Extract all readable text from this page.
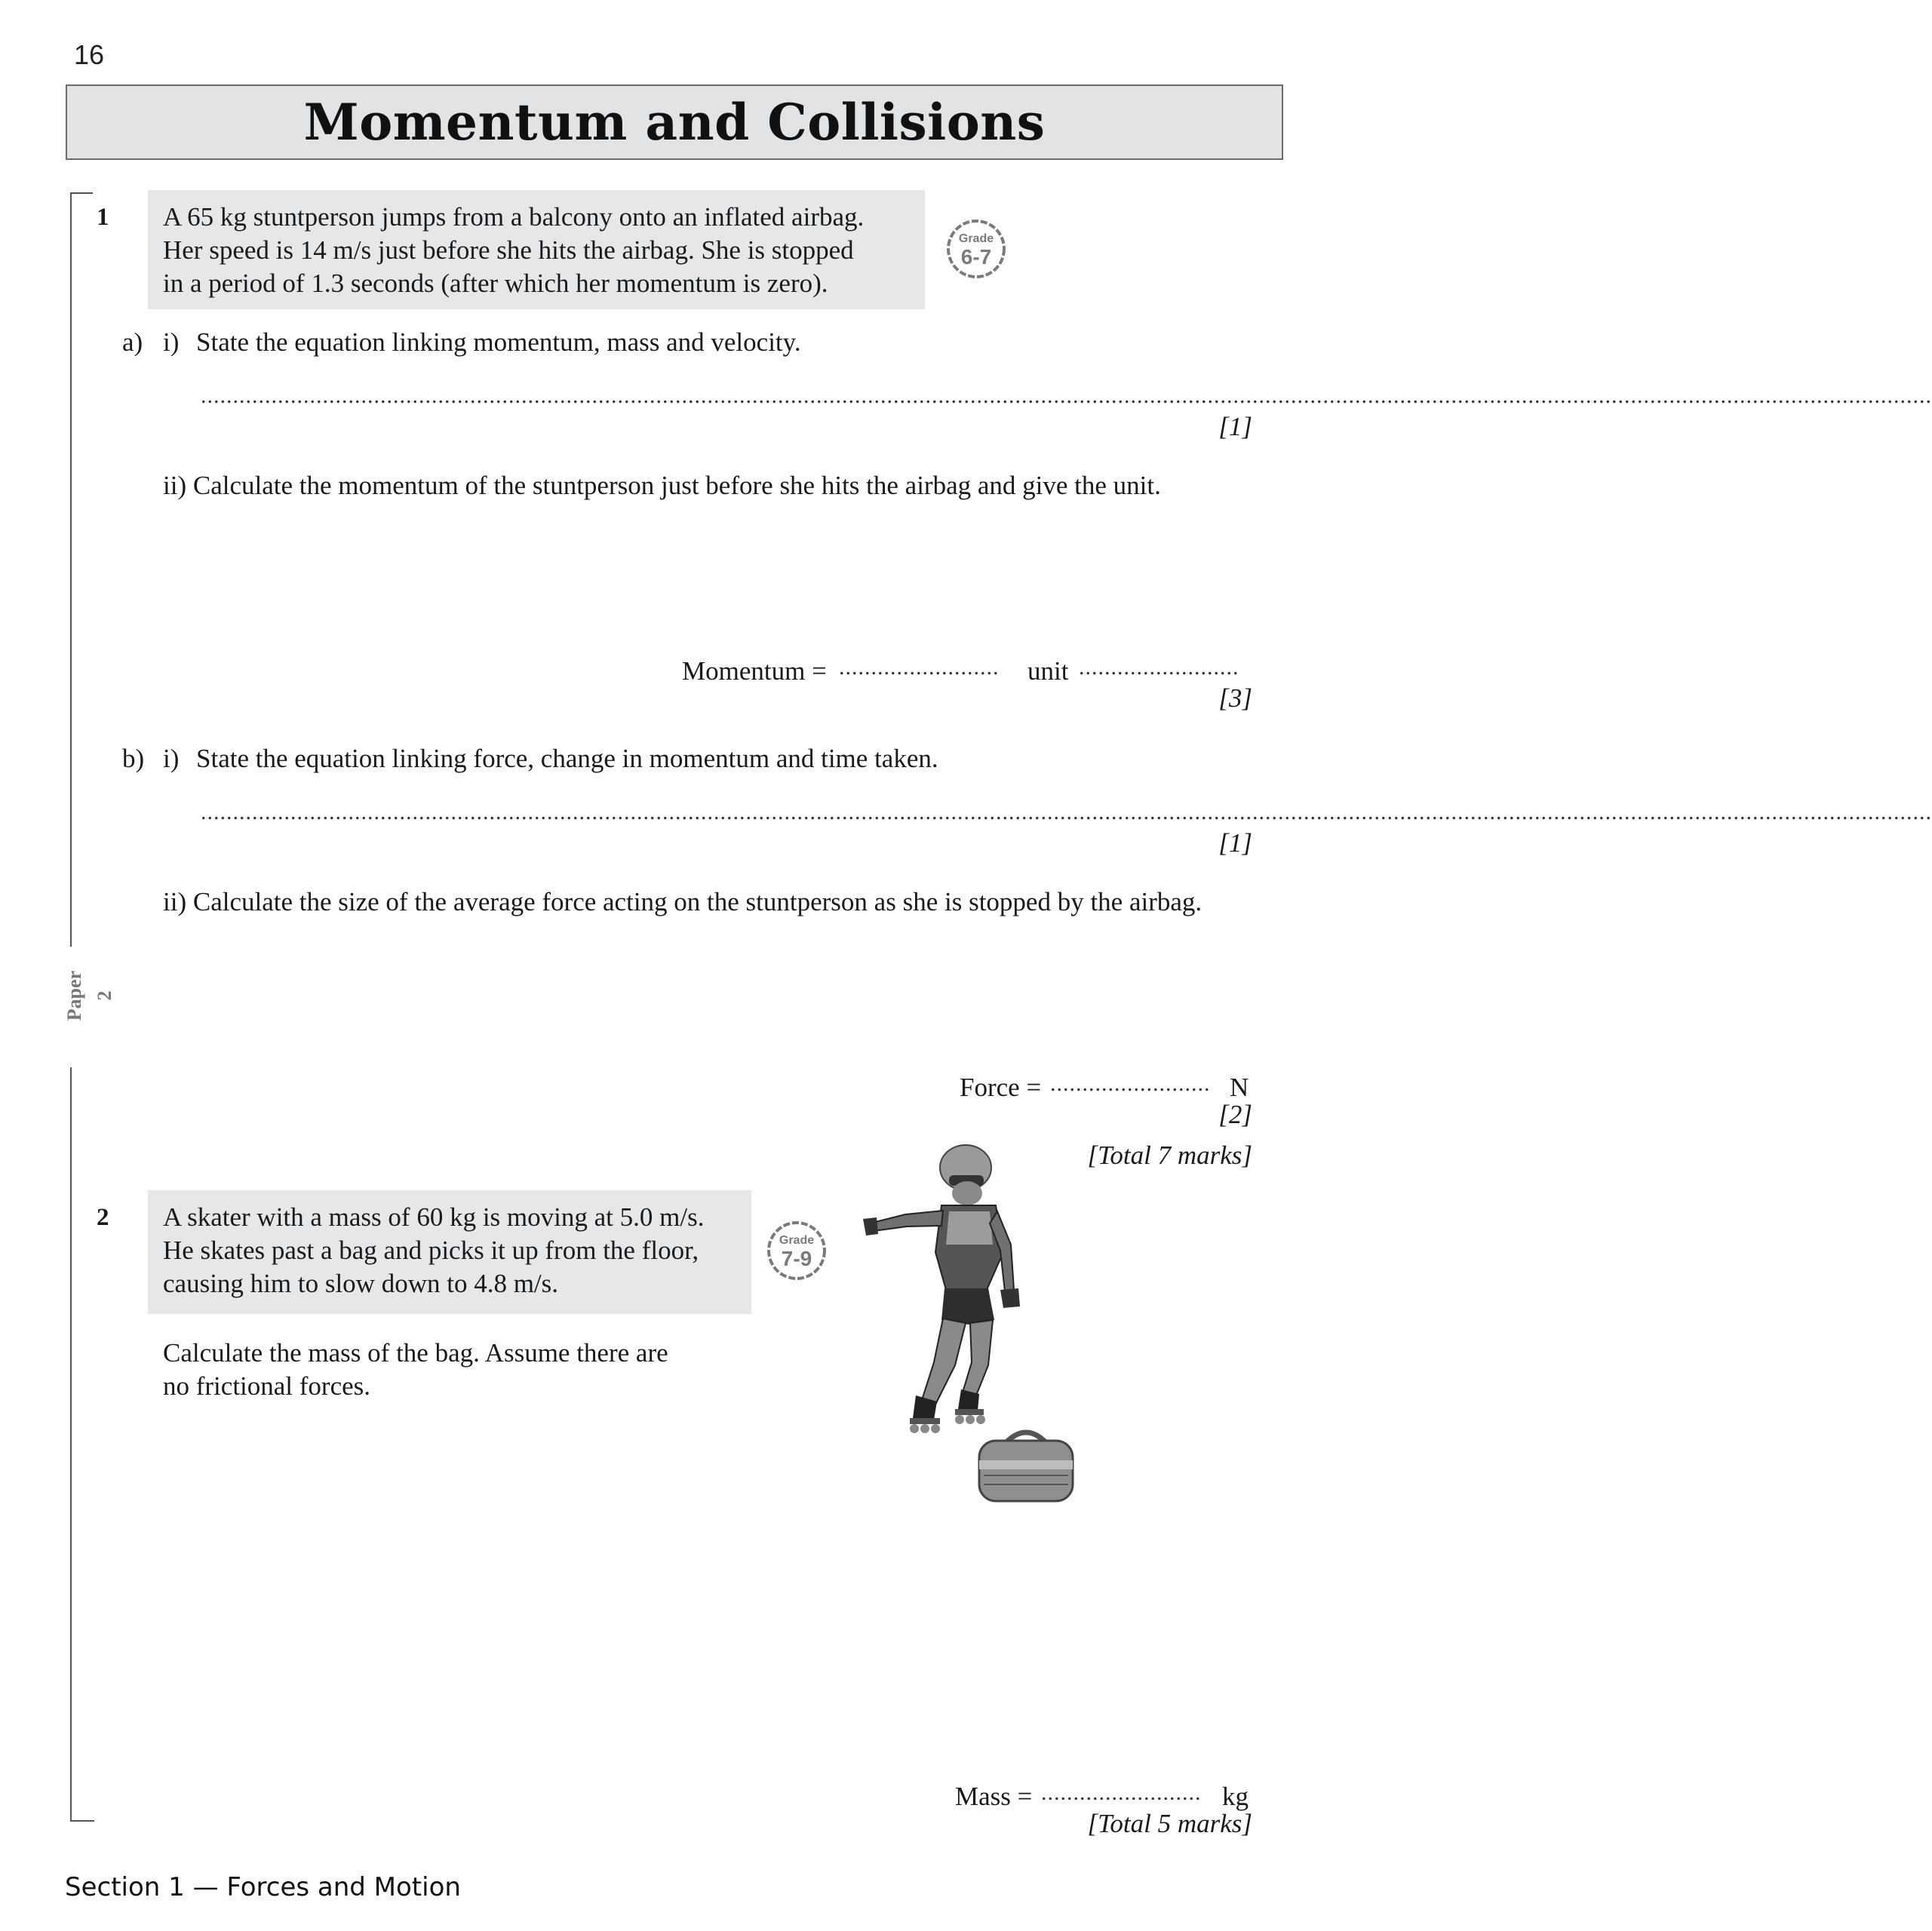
16
Momentum and Collisions
Paper 2
1 A 65 kg stuntperson jumps from a balcony onto an inflated airbag.
Her speed is 14 m/s just before she hits the airbag. She is stopped
in a period of 1.3 seconds (after which her momentum is zero).
Grade
6-7
a) i) State the equation linking momentum, mass and velocity.
..............................................................................................................................................................................................................................................................................
[1]
ii) Calculate the momentum of the stuntperson just before she hits the airbag and give the unit.
Momentum = .........................	unit .........................
[3]
b) i) State the equation linking force, change in momentum and time taken.
..............................................................................................................................................................................................................................................................................
[1]
ii) Calculate the size of the average force acting on the stuntperson as she is stopped by the airbag.
Force = ......................... N
[2]
[Total 7 marks]
2 A skater with a mass of 60 kg is moving at 5.0 m/s.
He skates past a bag and picks it up from the floor,
causing him to slow down to 4.8 m/s.
Grade
7-9
Calculate the mass of the bag. Assume there are
no frictional forces.
Mass = ......................... kg
[Total 5 marks]
Section 1 — Forces and Motion
